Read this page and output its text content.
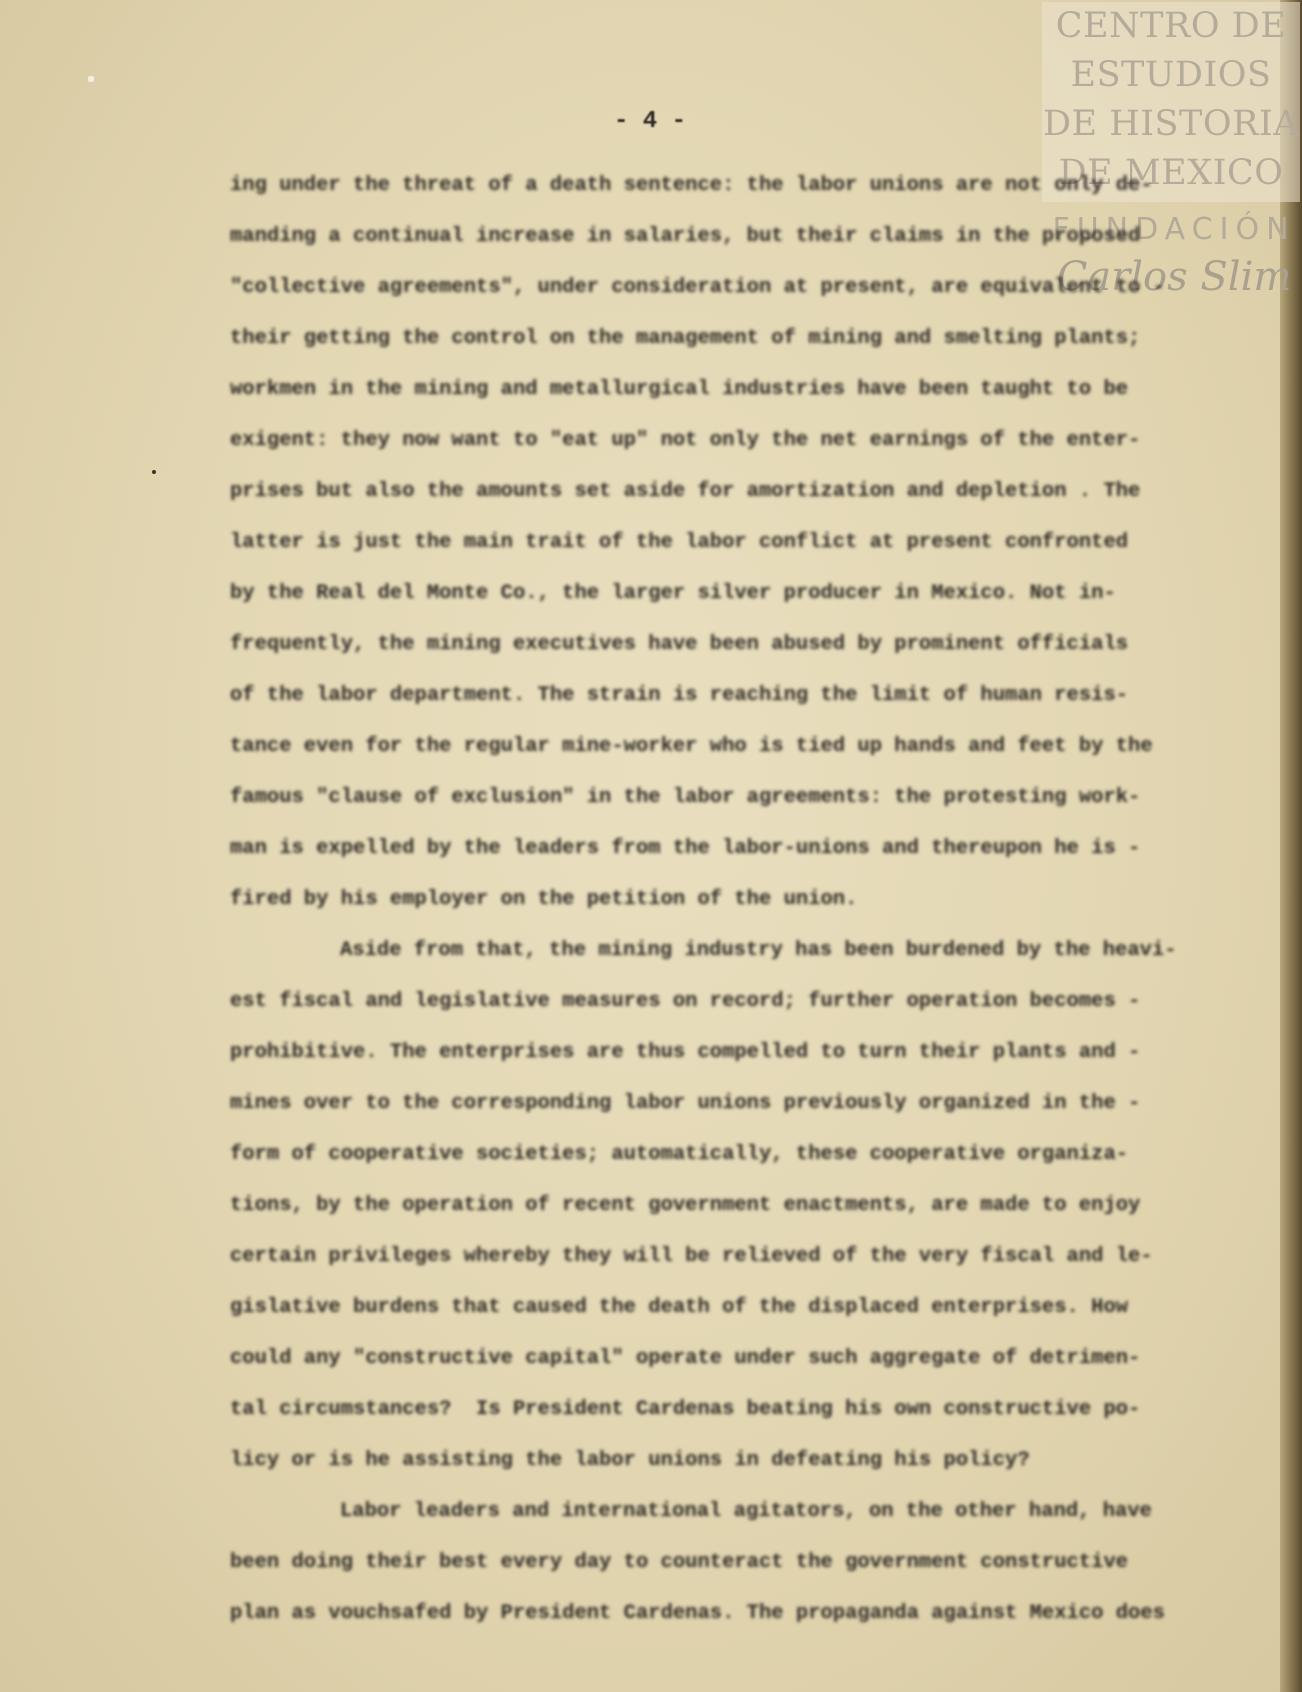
CENTRO DE
ESTUDIOS
DE HISTORIA
DE MEXICO
FUNDACIÓN
Carlos Slim
- 4 -
ing under the threat of a death sentence: the labor unions are not only de-
manding a continual increase in salaries, but their claims in the proposed
"collective agreements", under consideration at present, are equivalent to -
their getting the control on the management of mining and smelting plants;
workmen in the mining and metallurgical industries have been taught to be
exigent: they now want to "eat up" not only the net earnings of the enter-
prises but also the amounts set aside for amortization and depletion . The
latter is just the main trait of the labor conflict at present confronted
by the Real del Monte Co., the larger silver producer in Mexico. Not in-
frequently, the mining executives have been abused by prominent officials
of the labor department. The strain is reaching the limit of human resis-
tance even for the regular mine-worker who is tied up hands and feet by the
famous "clause of exclusion" in the labor agreements: the protesting work-
man is expelled by the leaders from the labor-unions and thereupon he is -
fired by his employer on the petition of the union.
Aside from that, the mining industry has been burdened by the heavi-
est fiscal and legislative measures on record; further operation becomes -
prohibitive. The enterprises are thus compelled to turn their plants and -
mines over to the corresponding labor unions previously organized in the -
form of cooperative societies; automatically, these cooperative organiza-
tions, by the operation of recent government enactments, are made to enjoy
certain privileges whereby they will be relieved of the very fiscal and le-
gislative burdens that caused the death of the displaced enterprises. How
could any "constructive capital" operate under such aggregate of detrimen-
tal circumstances?  Is President Cardenas beating his own constructive po-
licy or is he assisting the labor unions in defeating his policy?
Labor leaders and international agitators, on the other hand, have
been doing their best every day to counteract the government constructive
plan as vouchsafed by President Cardenas. The propaganda against Mexico does
